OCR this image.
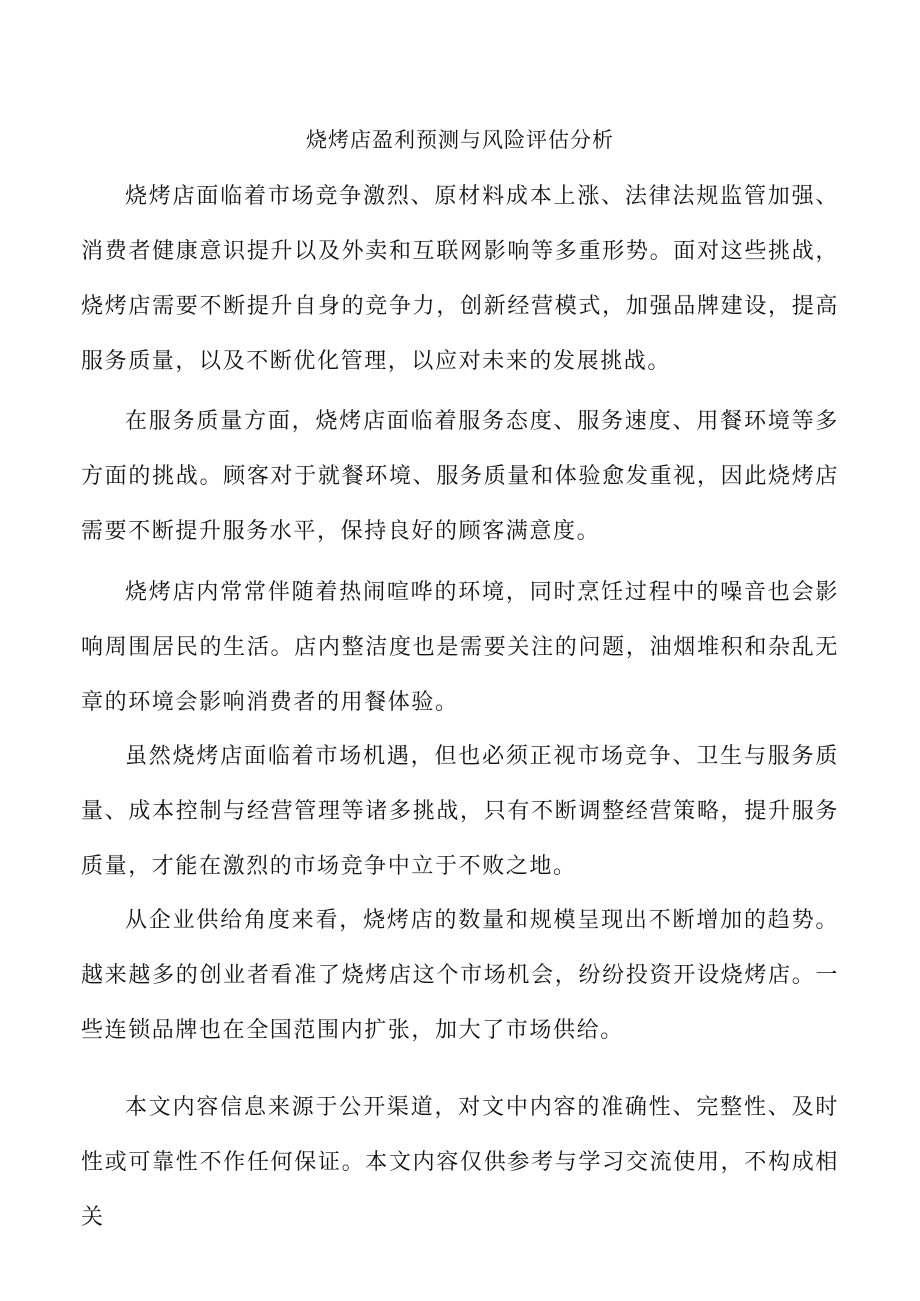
烧烤店盈利预测与风险评估分析

烧烤店面临着市场竞争激烈、原材料成本上涨、法律法规监管加强、消费者健康意识提升以及外卖和互联网影响等多重形势。面对这些挑战，烧烤店需要不断提升自身的竞争力，创新经营模式，加强品牌建设，提高服务质量，以及不断优化管理，以应对未来的发展挑战。

在服务质量方面，烧烤店面临着服务态度、服务速度、用餐环境等多方面的挑战。顾客对于就餐环境、服务质量和体验愈发重视，因此烧烤店需要不断提升服务水平，保持良好的顾客满意度。

烧烤店内常常伴随着热闹喧哗的环境，同时烹饪过程中的噪音也会影响周围居民的生活。店内整洁度也是需要关注的问题，油烟堆积和杂乱无章的环境会影响消费者的用餐体验。

虽然烧烤店面临着市场机遇，但也必须正视市场竞争、卫生与服务质量、成本控制与经营管理等诸多挑战，只有不断调整经营策略，提升服务质量，才能在激烈的市场竞争中立于不败之地。

从企业供给角度来看，烧烤店的数量和规模呈现出不断增加的趋势。越来越多的创业者看准了烧烤店这个市场机会，纷纷投资开设烧烤店。一些连锁品牌也在全国范围内扩张，加大了市场供给。

本文内容信息来源于公开渠道，对文中内容的准确性、完整性、及时性或可靠性不作任何保证。本文内容仅供参考与学习交流使用，不构成相关
